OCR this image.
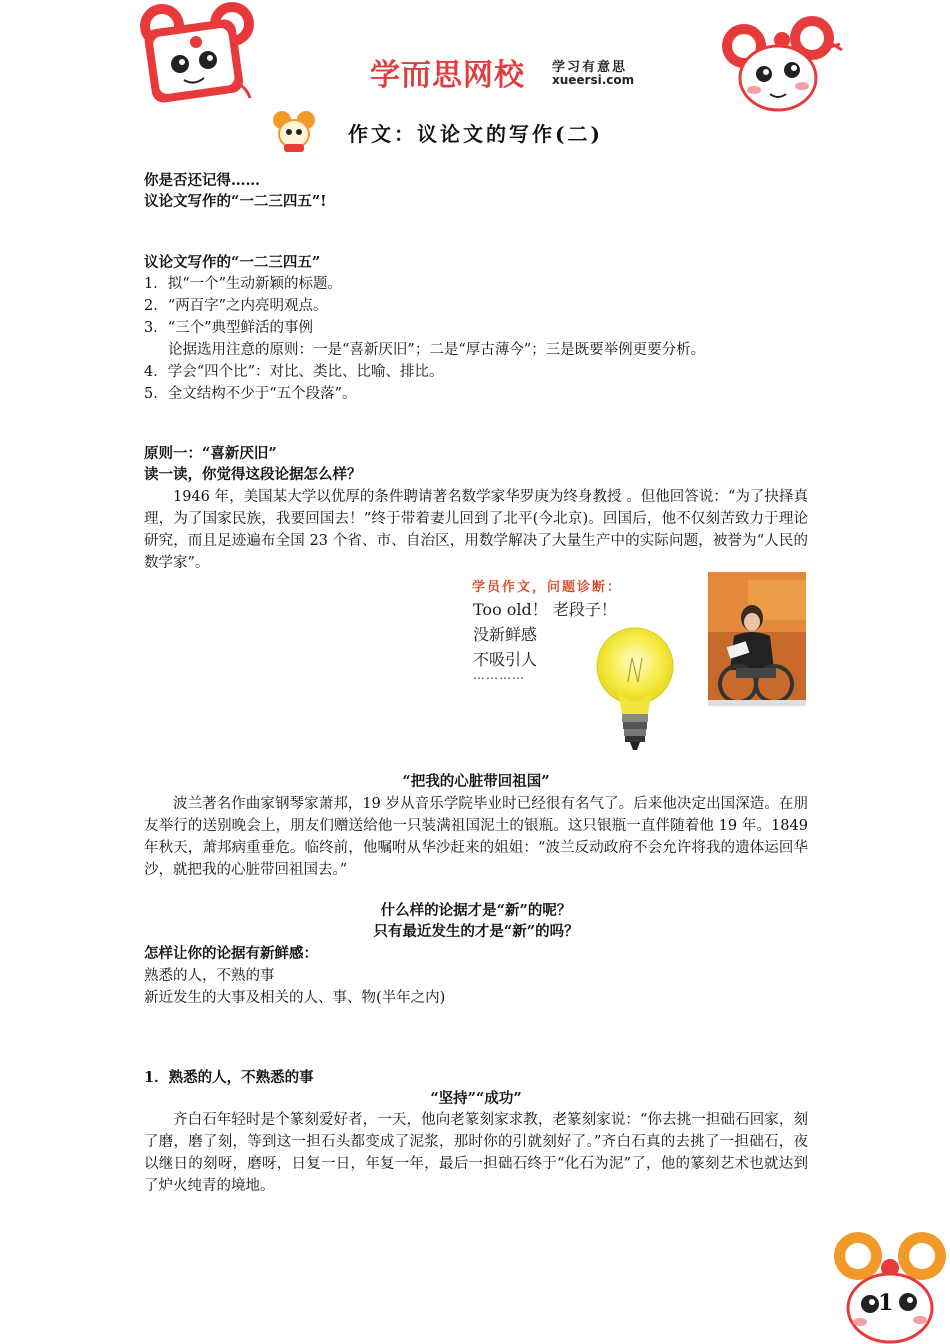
学而思网校 学习有意思
xueersi.com
作文：议论文的写作(二)
你是否还记得……
议论文写作的“一二三四五”!
议论文写作的“一二三四五”
1．拟“一个”生动新颖的标题。
2．“两百字”之内亮明观点。
3．“三个”典型鲜活的事例
论据选用注意的原则：一是“喜新厌旧”；二是“厚古薄今”；三是既要举例更要分析。
4．学会“四个比”：对比、类比、比喻、排比。
5．全文结构不少于“五个段落”。
原则一：“喜新厌旧”
读一读，你觉得这段论据怎么样？
1946 年，美国某大学以优厚的条件聘请著名数学家华罗庚为终身教授 。但他回答说：“为了抉择真理，为了国家民族，我要回国去！”终于带着妻儿回到了北平(今北京)。回国后，他不仅刻苦致力于理论研究，而且足迹遍布全国 23 个省、市、自治区，用数学解决了大量生产中的实际问题，被誉为“人民的数学家”。
学员作文，问题诊断：
Too old！ 老段子！
没新鲜感
不吸引人
…………
“把我的心脏带回祖国”
波兰著名作曲家钢琴家萧邦，19 岁从音乐学院毕业时已经很有名气了。后来他决定出国深造。在朋友举行的送别晚会上，朋友们赠送给他一只装满祖国泥土的银瓶。这只银瓶一直伴随着他 19 年。1849 年秋天，萧邦病重垂危。临终前，他嘱咐从华沙赶来的姐姐：“波兰反动政府不会允许将我的遗体运回华沙，就把我的心脏带回祖国去。”
什么样的论据才是“新”的呢？
只有最近发生的才是“新”的吗？
怎样让你的论据有新鲜感：
熟悉的人，不熟的事
新近发生的大事及相关的人、事、物(半年之内)
1．熟悉的人，不熟悉的事
“坚持”“成功”
齐白石年轻时是个篆刻爱好者，一天，他向老篆刻家求教，老篆刻家说：“你去挑一担础石回家，刻了磨，磨了刻，等到这一担石头都变成了泥浆，那时你的引就刻好了。”齐白石真的去挑了一担础石，夜以继日的刻呀，磨呀，日复一日，年复一年，最后一担础石终于“化石为泥”了，他的篆刻艺术也就达到了炉火纯青的境地。
1
